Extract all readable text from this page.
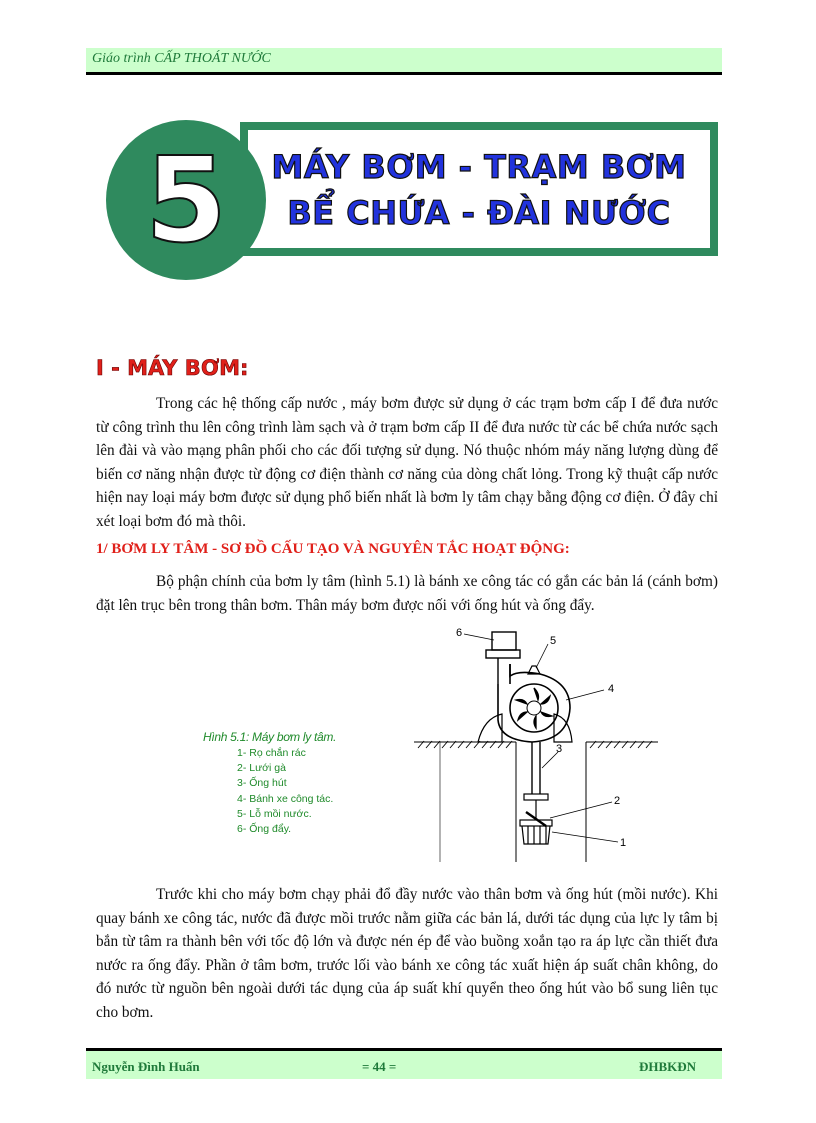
Giáo trình CẤP THOÁT NƯỚC
MÁY BƠM - TRẠM BƠM
BỂ CHỨA - ĐÀI NƯỚC
5
I - MÁY BƠM:

Trong các hệ thống cấp nước , máy bơm được sử dụng ở các trạm bơm cấp I để đưa nước từ công trình thu lên công trình làm sạch và ở trạm bơm cấp II để đưa nước từ các bể chứa nước sạch lên đài và vào mạng phân phối cho các đối tượng sử dụng. Nó thuộc nhóm máy năng lượng dùng để biến cơ năng nhận được từ động cơ điện thành cơ năng của dòng chất lỏng. Trong kỹ thuật cấp nước hiện nay loại máy bơm được sử dụng phổ biến nhất là bơm ly tâm chạy bằng động cơ điện. Ở đây chỉ xét loại bơm đó mà thôi.

1/ BƠM LY TÂM - SƠ ĐỒ CẤU TẠO VÀ NGUYÊN TẮC HOẠT ĐỘNG:

Bộ phận chính của bơm ly tâm (hình 5.1) là bánh xe công tác có gắn các bản lá (cánh bơm) đặt lên trục bên trong thân bơm. Thân máy bơm được nối với ống hút và ống đẩy.

Hình 5.1: Máy bơm ly tâm.

1- Rọ chắn rác
2- Lưới gà
3- Ống hút
4- Bánh xe công tác.
5- Lỗ mồi nước.
6- Ống đẩy.
6
5
4
3
2
1

Trước khi cho máy bơm chạy phải đổ đầy nước vào thân bơm và ống hút (mồi nước). Khi quay bánh xe công tác, nước đã được mồi trước nằm giữa các bản lá, dưới tác dụng của lực ly tâm bị bắn từ tâm ra thành bên với tốc độ lớn và được nén ép để vào buồng xoắn tạo ra áp lực cần thiết đưa nước ra ống đẩy. Phần ở tâm bơm, trước lối vào bánh xe công tác xuất hiện áp suất chân không, do đó nước từ nguồn bên ngoài dưới tác dụng của áp suất khí quyển theo ống hút vào bổ sung liên tục cho bơm.

Nguyễn Đình Huấn	= 44 =	ĐHBKĐN
